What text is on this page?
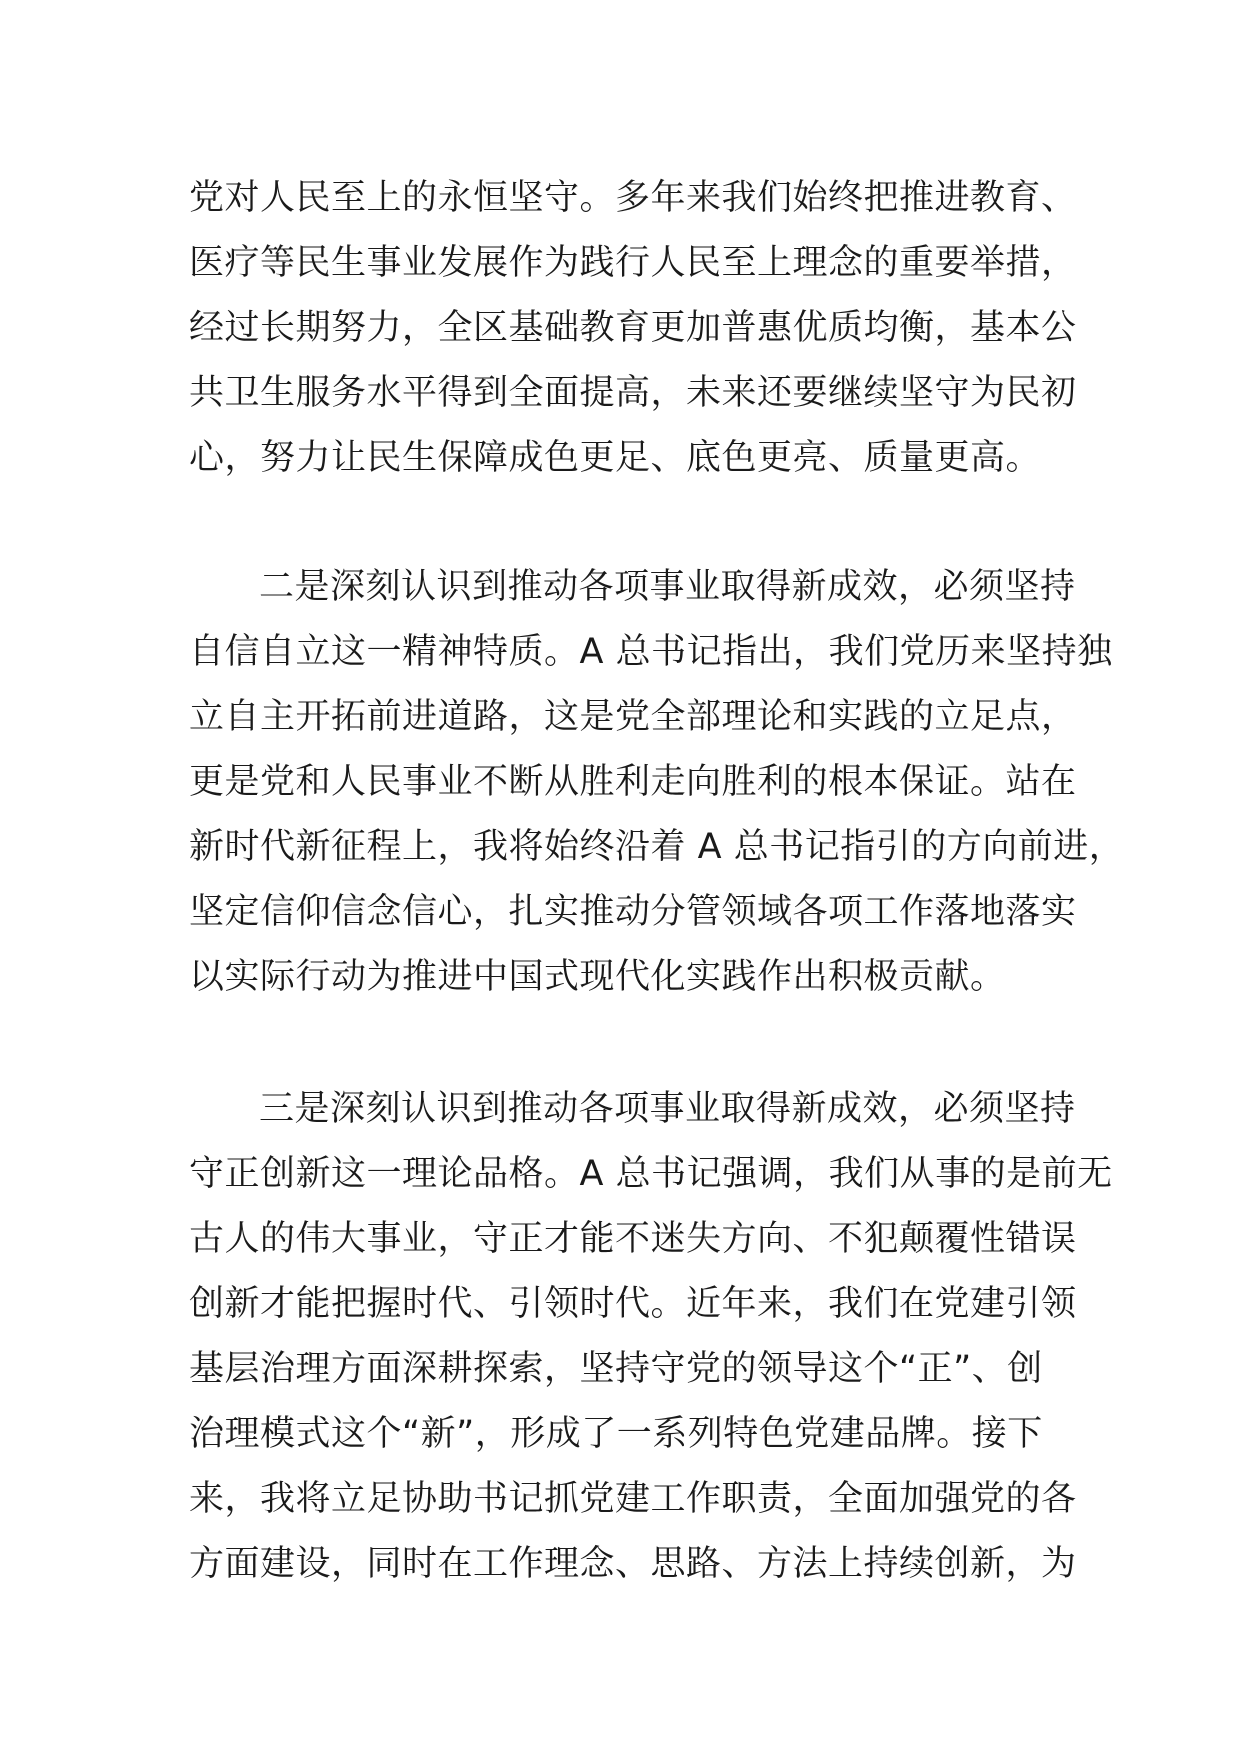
党对人民至上的永恒坚守。多年来我们始终把推进教育、
医疗等民生事业发展作为践行人民至上理念的重要举措，
经过长期努力，全区基础教育更加普惠优质均衡，基本公
共卫生服务水平得到全面提高，未来还要继续坚守为民初
心，努力让民生保障成色更足、底色更亮、质量更高。
二是深刻认识到推动各项事业取得新成效，必须坚持
自信自立这一精神特质。A 总书记指出，我们党历来坚持独
立自主开拓前进道路，这是党全部理论和实践的立足点，
更是党和人民事业不断从胜利走向胜利的根本保证。站在
新时代新征程上，我将始终沿着 A 总书记指引的方向前进，
坚定信仰信念信心，扎实推动分管领域各项工作落地落实
以实际行动为推进中国式现代化实践作出积极贡献。
三是深刻认识到推动各项事业取得新成效，必须坚持
守正创新这一理论品格。A 总书记强调，我们从事的是前无
古人的伟大事业，守正才能不迷失方向、不犯颠覆性错误
创新才能把握时代、引领时代。近年来，我们在党建引领
基层治理方面深耕探索，坚持守党的领导这个“正”、创
治理模式这个“新”，形成了一系列特色党建品牌。接下
来，我将立足协助书记抓党建工作职责，全面加强党的各
方面建设，同时在工作理念、思路、方法上持续创新，为
